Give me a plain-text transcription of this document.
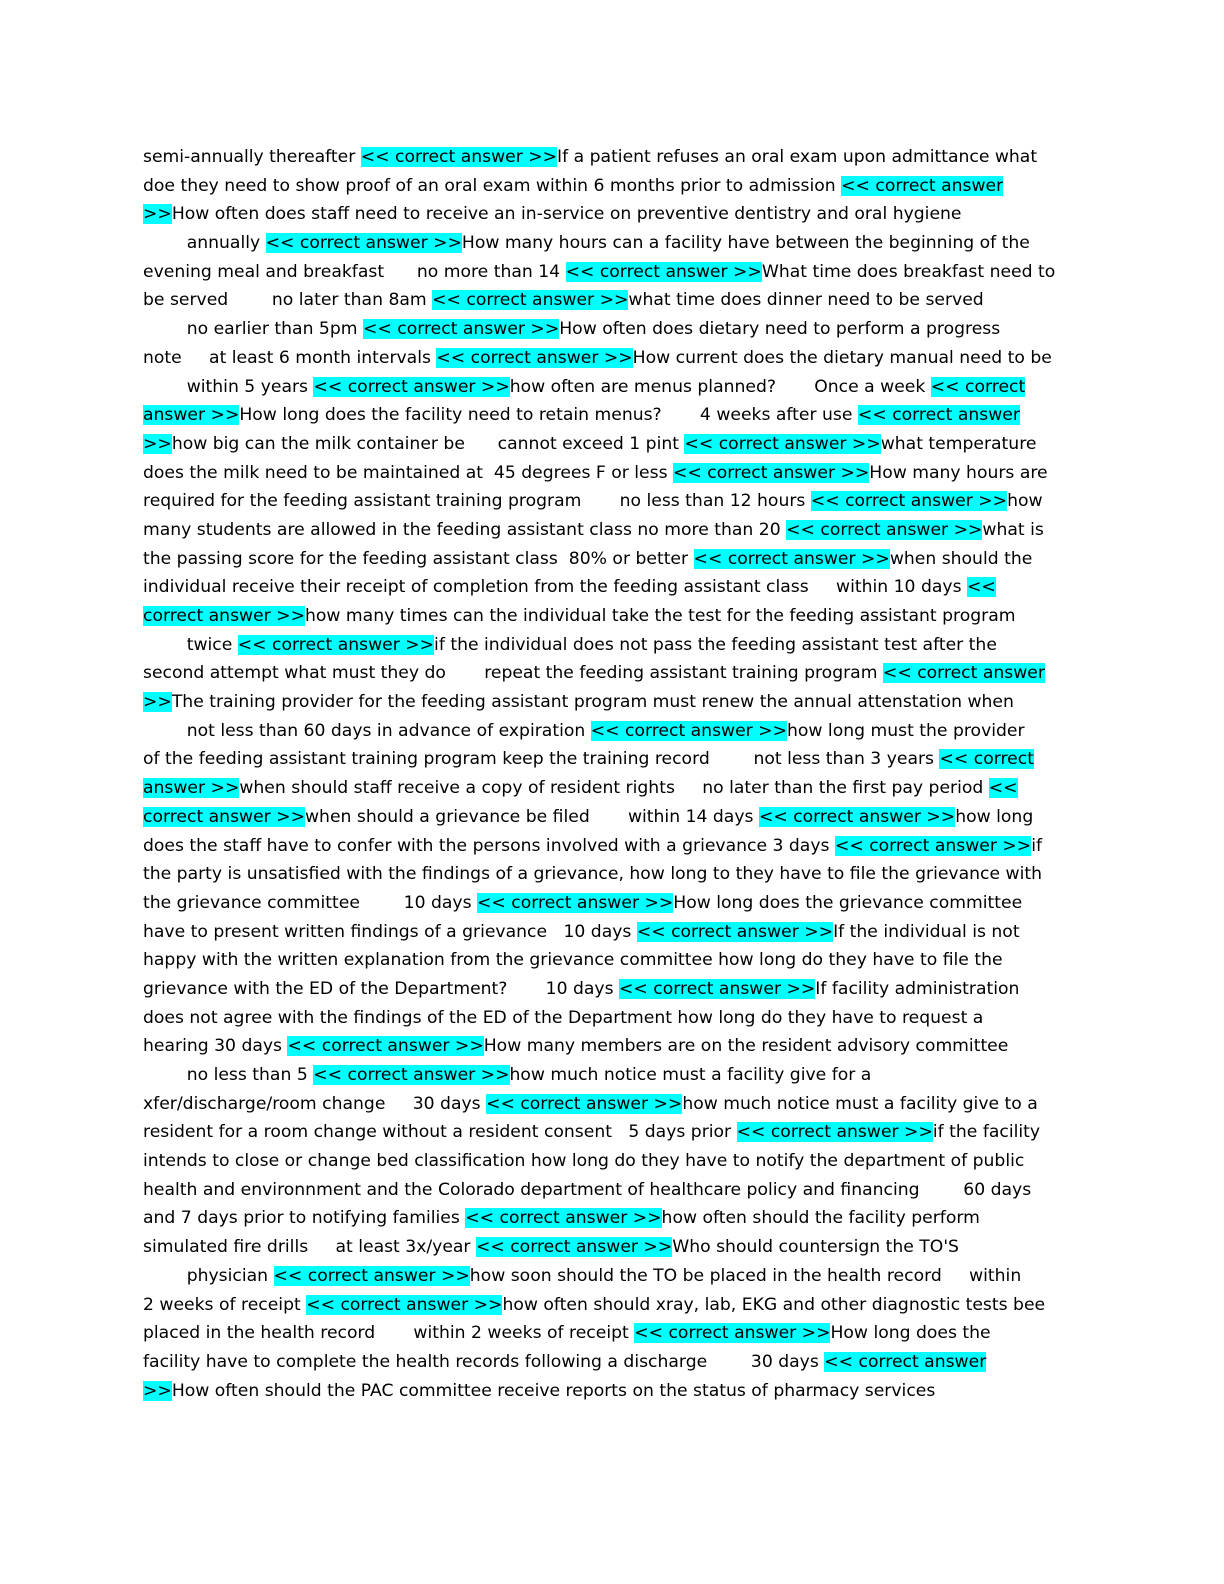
semi-annually thereafter << correct answer >>If a patient refuses an oral exam upon admittance what
doe they need to show proof of an oral exam within 6 months prior to admission << correct answer
>>How often does staff need to receive an in-service on preventive dentistry and oral hygiene
annually << correct answer >>How many hours can a facility have between the beginning of the
evening meal and breakfast      no more than 14 << correct answer >>What time does breakfast need to
be served        no later than 8am << correct answer >>what time does dinner need to be served
no earlier than 5pm << correct answer >>How often does dietary need to perform a progress
note     at least 6 month intervals << correct answer >>How current does the dietary manual need to be
within 5 years << correct answer >>how often are menus planned?       Once a week << correct
answer >>How long does the facility need to retain menus?       4 weeks after use << correct answer
>>how big can the milk container be      cannot exceed 1 pint << correct answer >>what temperature
does the milk need to be maintained at  45 degrees F or less << correct answer >>How many hours are
required for the feeding assistant training program       no less than 12 hours << correct answer >>how
many students are allowed in the feeding assistant class no more than 20 << correct answer >>what is
the passing score for the feeding assistant class  80% or better << correct answer >>when should the
individual receive their receipt of completion from the feeding assistant class     within 10 days <<
correct answer >>how many times can the individual take the test for the feeding assistant program
twice << correct answer >>if the individual does not pass the feeding assistant test after the
second attempt what must they do       repeat the feeding assistant training program << correct answer
>>The training provider for the feeding assistant program must renew the annual attenstation when
not less than 60 days in advance of expiration << correct answer >>how long must the provider
of the feeding assistant training program keep the training record        not less than 3 years << correct
answer >>when should staff receive a copy of resident rights     no later than the first pay period <<
correct answer >>when should a grievance be filed       within 14 days << correct answer >>how long
does the staff have to confer with the persons involved with a grievance 3 days << correct answer >>if
the party is unsatisfied with the findings of a grievance, how long to they have to file the grievance with
the grievance committee        10 days << correct answer >>How long does the grievance committee
have to present written findings of a grievance   10 days << correct answer >>If the individual is not
happy with the written explanation from the grievance committee how long do they have to file the
grievance with the ED of the Department?       10 days << correct answer >>If facility administration
does not agree with the findings of the ED of the Department how long do they have to request a
hearing 30 days << correct answer >>How many members are on the resident advisory committee
no less than 5 << correct answer >>how much notice must a facility give for a
xfer/discharge/room change     30 days << correct answer >>how much notice must a facility give to a
resident for a room change without a resident consent   5 days prior << correct answer >>if the facility
intends to close or change bed classification how long do they have to notify the department of public
health and environnment and the Colorado department of healthcare policy and financing        60 days
and 7 days prior to notifying families << correct answer >>how often should the facility perform
simulated fire drills     at least 3x/year << correct answer >>Who should countersign the TO'S
physician << correct answer >>how soon should the TO be placed in the health record     within
2 weeks of receipt << correct answer >>how often should xray, lab, EKG and other diagnostic tests bee
placed in the health record       within 2 weeks of receipt << correct answer >>How long does the
facility have to complete the health records following a discharge        30 days << correct answer
>>How often should the PAC committee receive reports on the status of pharmacy services
